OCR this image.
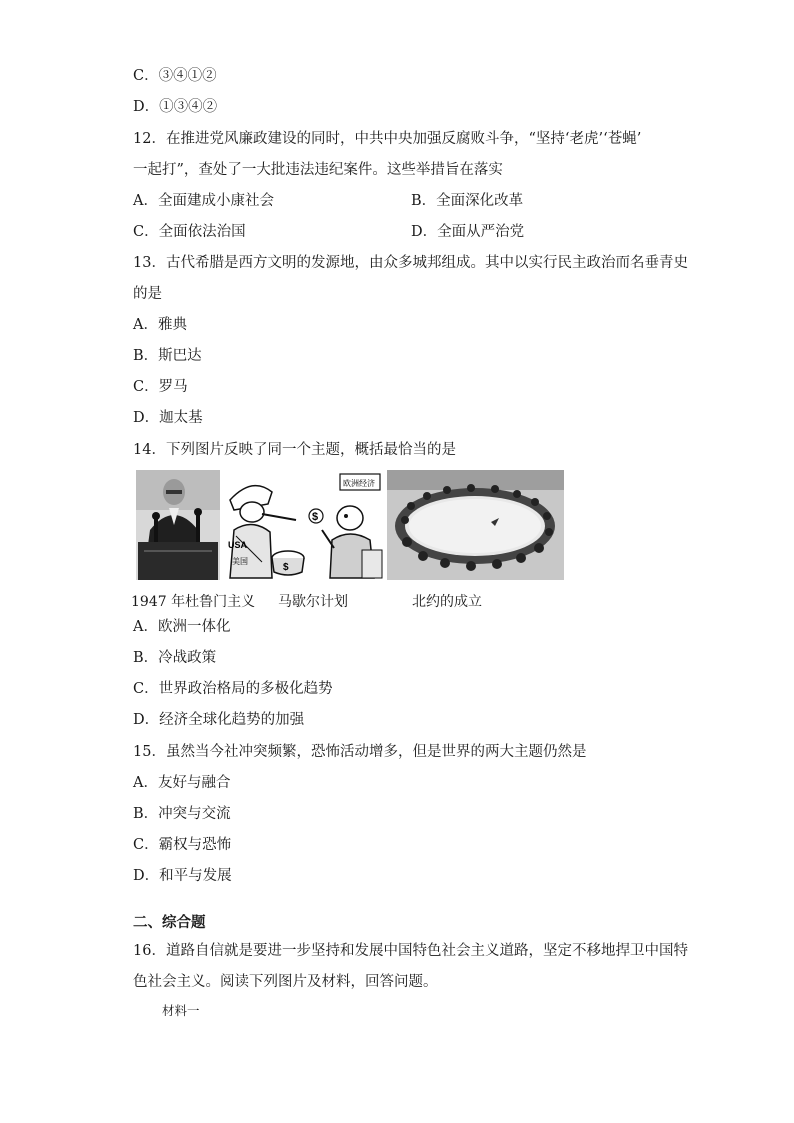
C．③④①②
D．①③④②
12．在推进党风廉政建设的同时，中共中央加强反腐败斗争，“坚持‘老虎’‘苍蝇’
一起打”，查处了一大批违法违纪案件。这些举措旨在落实
A．全面建成小康社会	B．全面深化改革
C．全面依法治国	D．全面从严治党
13．古代希腊是西方文明的发源地，由众多城邦组成。其中以实行民主政治而名垂青史
的是
A．雅典
B．斯巴达
C．罗马
D．迦太基
14．下列图片反映了同一个主题，概括最恰当的是
USA
美国
$
$
欧洲经济
1947 年杜鲁门主义 马歇尔计划	北约的成立
A．欧洲一体化
B．冷战政策
C．世界政治格局的多极化趋势
D．经济全球化趋势的加强
15．虽然当今社冲突频繁，恐怖活动增多，但是世界的两大主题仍然是
A．友好与融合
B．冲突与交流
C．霸权与恐怖
D．和平与发展
二、综合题
16．道路自信就是要进一步坚持和发展中国特色社会主义道路，坚定不移地捍卫中国特
色社会主义。阅读下列图片及材料，回答问题。
材料一
